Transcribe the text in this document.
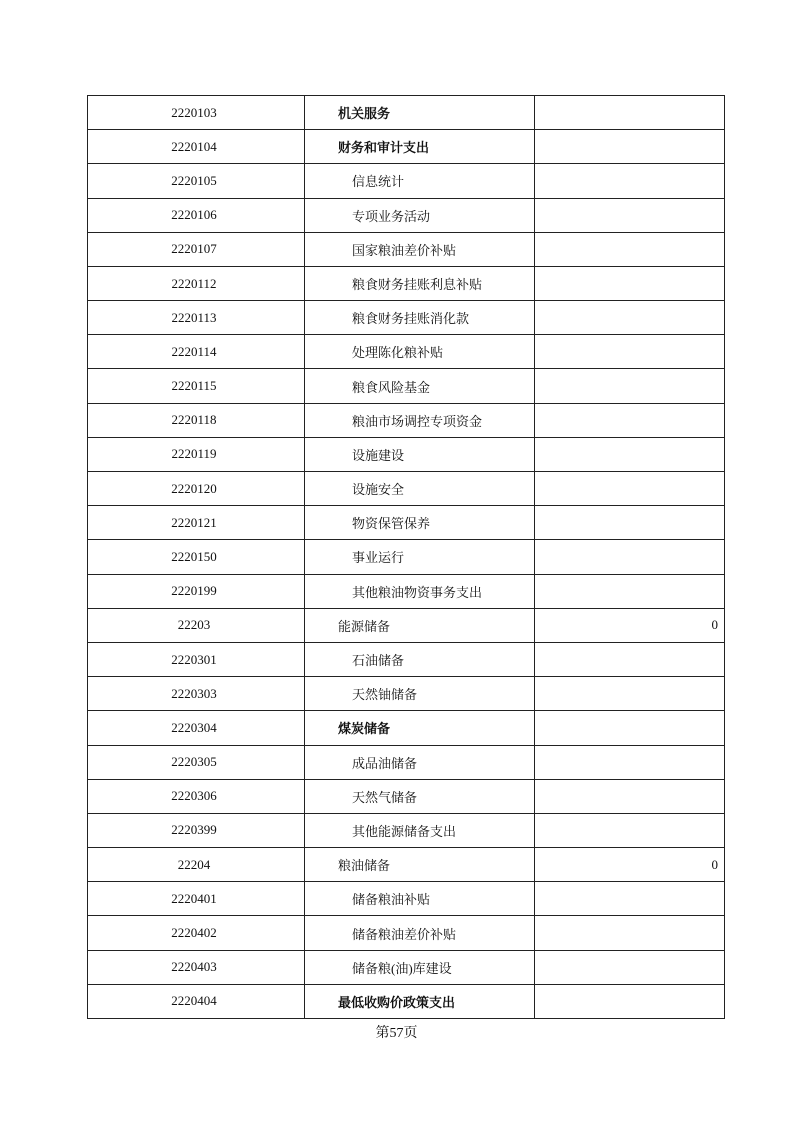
2220103	机关服务
2220104	财务和审计支出
2220105	信息统计
2220106	专项业务活动
2220107	国家粮油差价补贴
2220112	粮食财务挂账利息补贴
2220113	粮食财务挂账消化款
2220114	处理陈化粮补贴
2220115	粮食风险基金
2220118	粮油市场调控专项资金
2220119	设施建设
2220120	设施安全
2220121	物资保管保养
2220150	事业运行
2220199	其他粮油物资事务支出
22203	能源储备	0
2220301	石油储备
2220303	天然铀储备
2220304	煤炭储备
2220305	成品油储备
2220306	天然气储备
2220399	其他能源储备支出
22204	粮油储备	0
2220401	储备粮油补贴
2220402	储备粮油差价补贴
2220403	储备粮(油)库建设
2220404	最低收购价政策支出
第57页
